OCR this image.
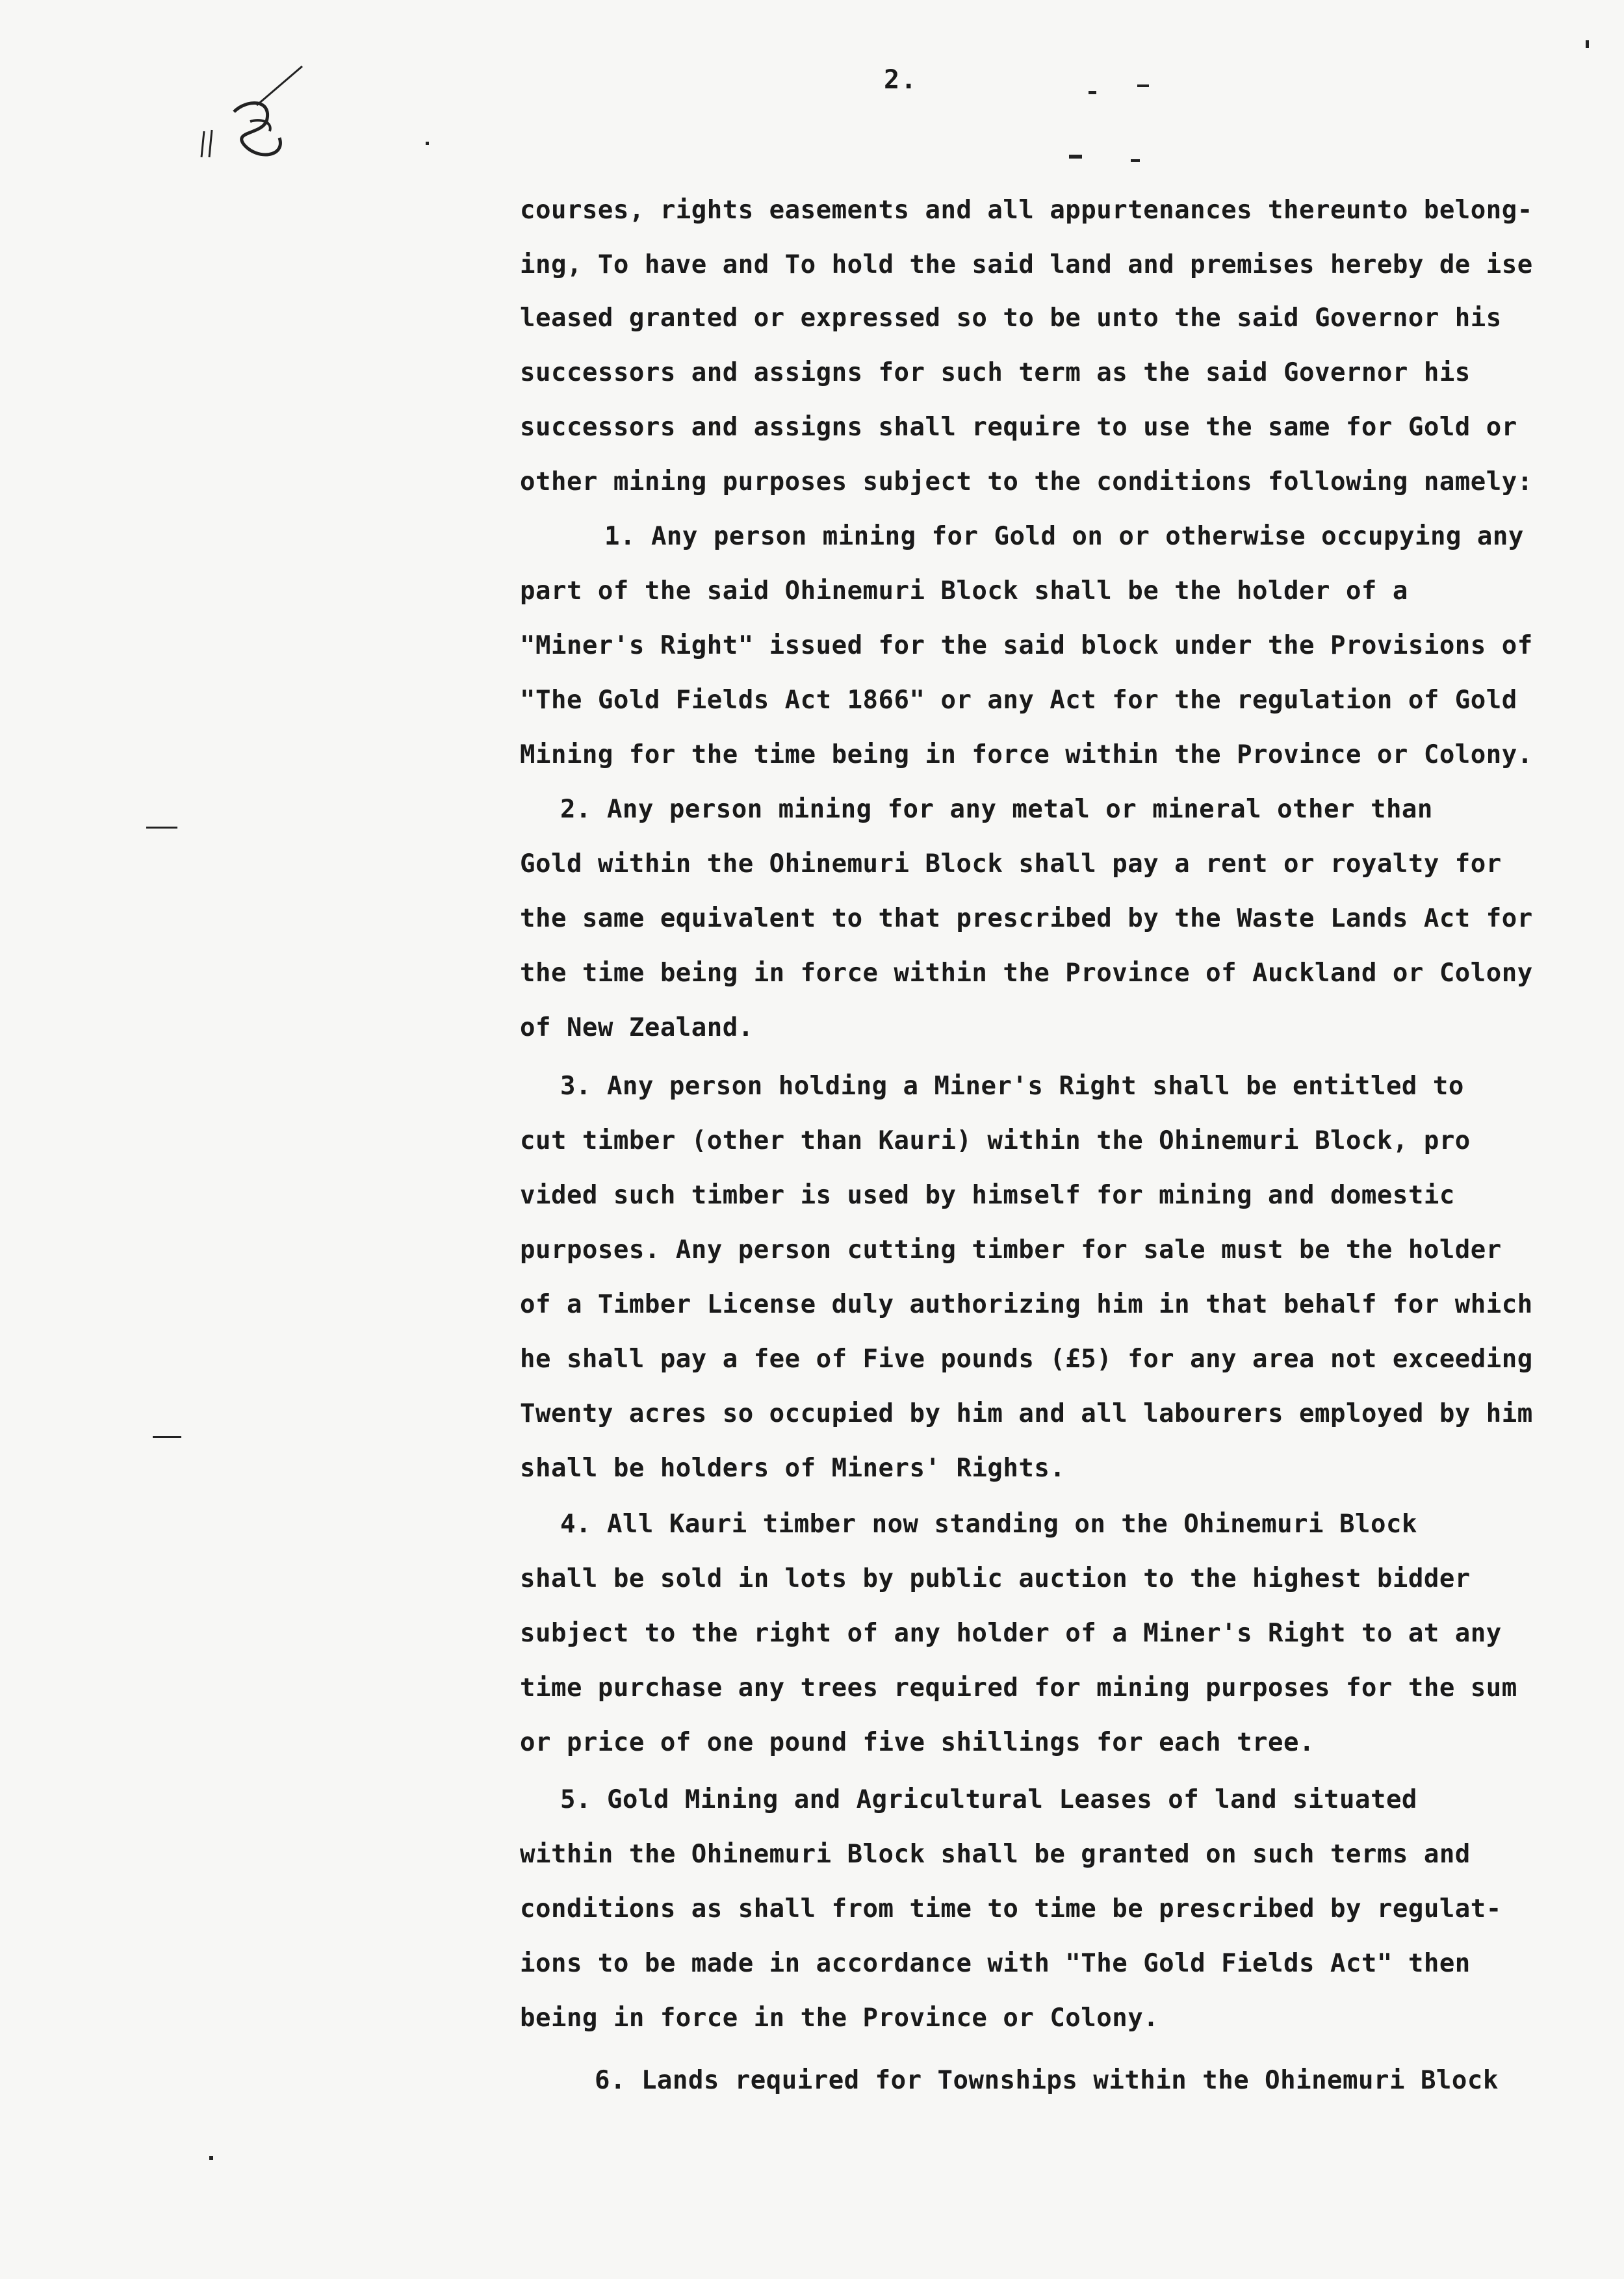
2.
courses, rights easements and all appurtenances thereunto belong-
ing, To have and To hold the said land and premises hereby de ise
leased granted or expressed so to be unto the said Governor his
successors and assigns for such term as the said Governor his
successors and assigns shall require to use the same for Gold or
other mining purposes subject to the conditions following namely:
1. Any person mining for Gold on or otherwise occupying any
part of the said Ohinemuri Block shall be the holder of a
"Miner's Right" issued for the said block under the Provisions of
"The Gold Fields Act 1866" or any Act for the regulation of Gold
Mining for the time being in force within the Province or Colony.
2. Any person mining for any metal or mineral other than
Gold within the Ohinemuri Block shall pay a rent or royalty for
the same equivalent to that prescribed by the Waste Lands Act for
the time being in force within the Province of Auckland or Colony
of New Zealand.
3. Any person holding a Miner's Right shall be entitled to
cut timber (other than Kauri) within the Ohinemuri Block, pro
vided such timber is used by himself for mining and domestic
purposes. Any person cutting timber for sale must be the holder
of a Timber License duly authorizing him in that behalf for which
he shall pay a fee of Five pounds (£5) for any area not exceeding
Twenty acres so occupied by him and all labourers employed by him
shall be holders of Miners' Rights.
4. All Kauri timber now standing on the Ohinemuri Block
shall be sold in lots by public auction to the highest bidder
subject to the right of any holder of a Miner's Right to at any
time purchase any trees required for mining purposes for the sum
or price of one pound five shillings for each tree.
5. Gold Mining and Agricultural Leases of land situated
within the Ohinemuri Block shall be granted on such terms and
conditions as shall from time to time be prescribed by regulat-
ions to be made in accordance with "The Gold Fields Act" then
being in force in the Province or Colony.
6. Lands required for Townships within the Ohinemuri Block
